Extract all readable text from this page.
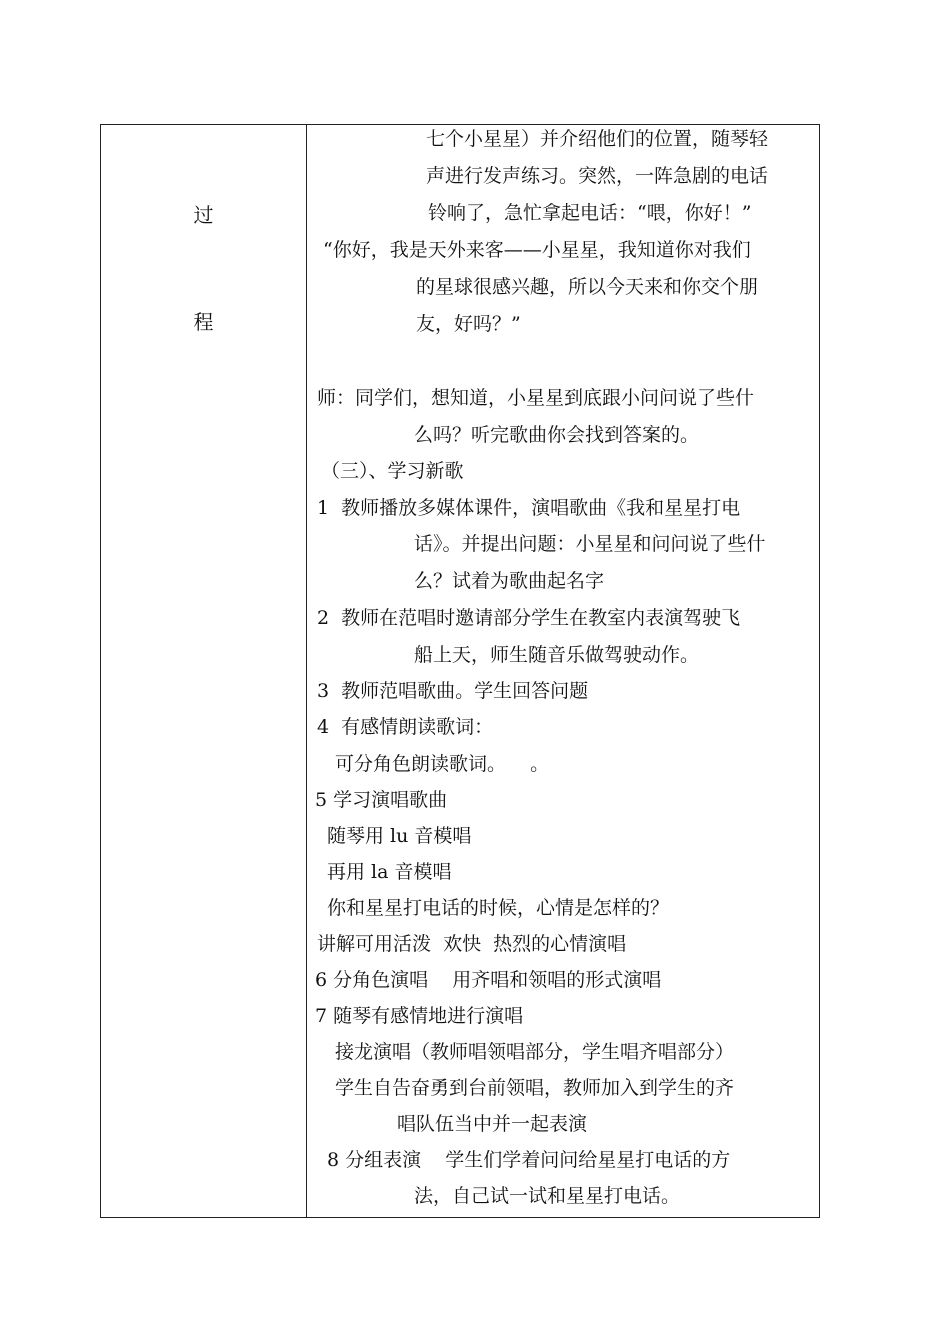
过
程
七个小星星）并介绍他们的位置，随琴轻
声进行发声练习。突然，一阵急剧的电话
铃响了，急忙拿起电话：“喂，你好！”
“你好，我是天外来客——小星星，我知道你对我们
的星球很感兴趣，所以今天来和你交个朋
友，好吗？”
师：同学们，想知道，小星星到底跟小问问说了些什
么吗？听完歌曲你会找到答案的。
（三）、学习新歌
1  教师播放多媒体课件，演唱歌曲《我和星星打电
话》。并提出问题：小星星和问问说了些什
么？试着为歌曲起名字
2  教师在范唱时邀请部分学生在教室内表演驾驶飞
船上天，师生随音乐做驾驶动作。
3  教师范唱歌曲。学生回答问题
4  有感情朗读歌词：
可分角色朗读歌词。    。
5 学习演唱歌曲
随琴用 lu 音模唱
再用 la 音模唱
你和星星打电话的时候，心情是怎样的？
讲解可用活泼  欢快  热烈的心情演唱
6 分角色演唱    用齐唱和领唱的形式演唱
7 随琴有感情地进行演唱
接龙演唱（教师唱领唱部分，学生唱齐唱部分）
学生自告奋勇到台前领唱，教师加入到学生的齐
唱队伍当中并一起表演
8 分组表演    学生们学着问问给星星打电话的方
法，自己试一试和星星打电话。
